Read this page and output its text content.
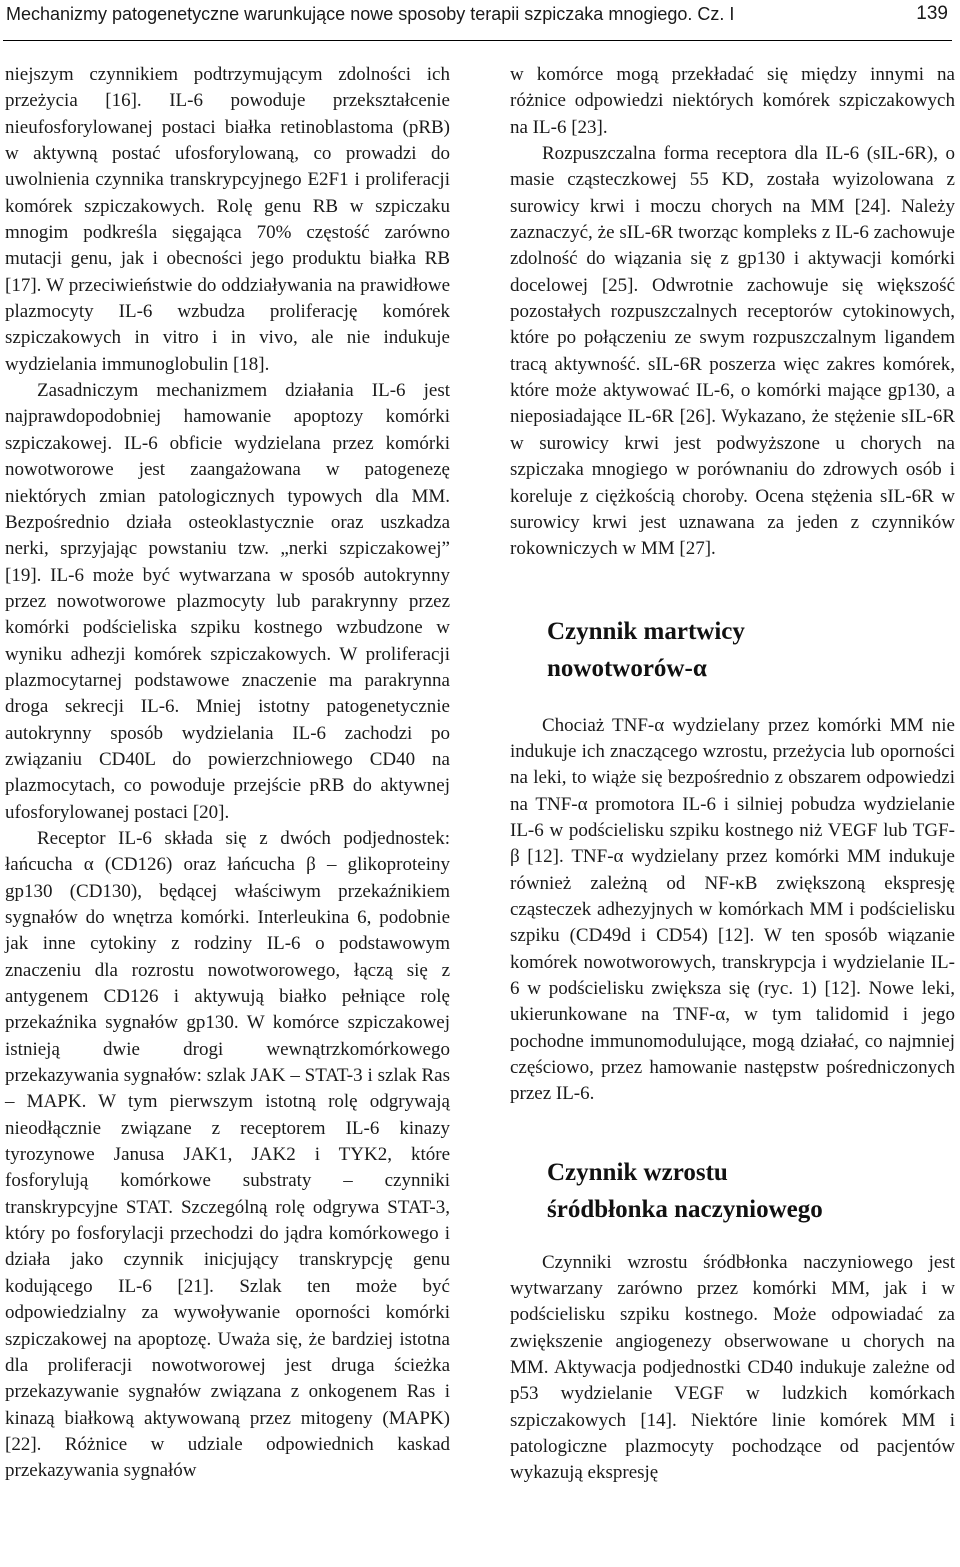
Mechanizmy patogenetyczne warunkujące nowe sposoby terapii szpiczaka mnogiego. Cz. I	139

niejszym czynnikiem podtrzymującym zdolności ich przeżycia [16]. IL-6 powoduje przekształcenie nieufosforylowanej postaci białka retinoblastoma (pRB) w aktywną postać ufosforylowaną, co prowadzi do uwolnienia czynnika transkrypcyjnego E2F1 i proliferacji komórek szpiczakowych. Rolę genu RB w szpiczaku mnogim podkreśla sięgająca 70% częstość zarówno mutacji genu, jak i obecności jego produktu białka RB [17]. W przeciwieństwie do oddziaływania na prawidłowe plazmocyty IL-6 wzbudza proliferację komórek szpiczakowych in vitro i in vivo, ale nie indukuje wydzielania immunoglobulin [18].

Zasadniczym mechanizmem działania IL-6 jest najprawdopodobniej hamowanie apoptozy komórki szpiczakowej. IL-6 obficie wydzielana przez komórki nowotworowe jest zaangażowana w patogenezę niektórych zmian patologicznych typowych dla MM. Bezpośrednio działa osteoklastycznie oraz uszkadza nerki, sprzyjając powstaniu tzw. „nerki szpiczakowej” [19]. IL-6 może być wytwarzana w sposób autokrynny przez nowotworowe plazmocyty lub parakrynny przez komórki podścieliska szpiku kostnego wzbudzone w wyniku adhezji komórek szpiczakowych. W proliferacji plazmocytarnej podstawowe znaczenie ma parakrynna droga sekrecji IL-6. Mniej istotny patogenetycznie autokrynny sposób wydzielania IL-6 zachodzi po związaniu CD40L do powierzchniowego CD40 na plazmocytach, co powoduje przejście pRB do aktywnej ufosforylowanej postaci [20].

Receptor IL-6 składa się z dwóch podjednostek: łańcucha α (CD126) oraz łańcucha β – glikoproteiny gp130 (CD130), będącej właściwym przekaźnikiem sygnałów do wnętrza komórki. Interleukina 6, podobnie jak inne cytokiny z rodziny IL-6 o podstawowym znaczeniu dla rozrostu nowotworowego, łączą się z antygenem CD126 i aktywują białko pełniące rolę przekaźnika sygnałów gp130. W komórce szpiczakowej istnieją dwie drogi wewnątrzkomórkowego przekazywania sygnałów: szlak JAK – STAT-3 i szlak Ras – MAPK. W tym pierwszym istotną rolę odgrywają nieodłącznie związane z receptorem IL-6 kinazy tyrozynowe Janusa JAK1, JAK2 i TYK2, które fosforylują komórkowe substraty – czynniki transkrypcyjne STAT. Szczególną rolę odgrywa STAT-3, który po fosforylacji przechodzi do jądra komórkowego i działa jako czynnik inicjujący transkrypcję genu kodującego IL-6 [21]. Szlak ten może być odpowiedzialny za wywoływanie oporności komórki szpiczakowej na apoptozę. Uważa się, że bardziej istotna dla proliferacji nowotworowej jest druga ścieżka przekazywanie sygnałów związana z onkogenem Ras i kinazą białkową aktywowaną przez mitogeny (MAPK) [22]. Różnice w udziale odpowiednich kaskad przekazywania sygnałów

w komórce mogą przekładać się między innymi na różnice odpowiedzi niektórych komórek szpiczakowych na IL-6 [23].

Rozpuszczalna forma receptora dla IL-6 (sIL-6R), o masie cząsteczkowej 55 KD, została wyizolowana z surowicy krwi i moczu chorych na MM [24]. Należy zaznaczyć, że sIL-6R tworząc kompleks z IL-6 zachowuje zdolność do wiązania się z gp130 i aktywacji komórki docelowej [25]. Odwrotnie zachowuje się większość pozostałych rozpuszczalnych receptorów cytokinowych, które po połączeniu ze swym rozpuszczalnym ligandem tracą aktywność. sIL-6R poszerza więc zakres komórek, które może aktywować IL-6, o komórki mające gp130, a nieposiadające IL-6R [26]. Wykazano, że stężenie sIL-6R w surowicy krwi jest podwyższone u chorych na szpiczaka mnogiego w porównaniu do zdrowych osób i koreluje z ciężkością choroby. Ocena stężenia sIL-6R w surowicy krwi jest uznawana za jeden z czynników rokowniczych w MM [27].

Czynnik martwicy
nowotworów-α

Chociaż TNF-α wydzielany przez komórki MM nie indukuje ich znaczącego wzrostu, przeżycia lub oporności na leki, to wiąże się bezpośrednio z obszarem odpowiedzi na TNF-α promotora IL-6 i silniej pobudza wydzielanie IL-6 w podścielisku szpiku kostnego niż VEGF lub TGF-β [12]. TNF-α wydzielany przez komórki MM indukuje również zależną od NF-κB zwiększoną ekspresję cząsteczek adhezyjnych w komórkach MM i podścielisku szpiku (CD49d i CD54) [12]. W ten sposób wiązanie komórek nowotworowych, transkrypcja i wydzielanie IL-6 w podścielisku zwiększa się (ryc. 1) [12]. Nowe leki, ukierunkowane na TNF-α, w tym talidomid i jego pochodne immunomodulujące, mogą działać, co najmniej częściowo, przez hamowanie następstw pośredniczonych przez IL-6.

Czynnik wzrostu
śródbłonka naczyniowego

Czynniki wzrostu śródbłonka naczyniowego jest wytwarzany zarówno przez komórki MM, jak i w podścielisku szpiku kostnego. Może odpowiadać za zwiększenie angiogenezy obserwowane u chorych na MM. Aktywacja podjednostki CD40 indukuje zależne od p53 wydzielanie VEGF w ludzkich komórkach szpiczakowych [14]. Niektóre linie komórek MM i patologiczne plazmocyty pochodzące od pacjentów wykazują ekspresję
